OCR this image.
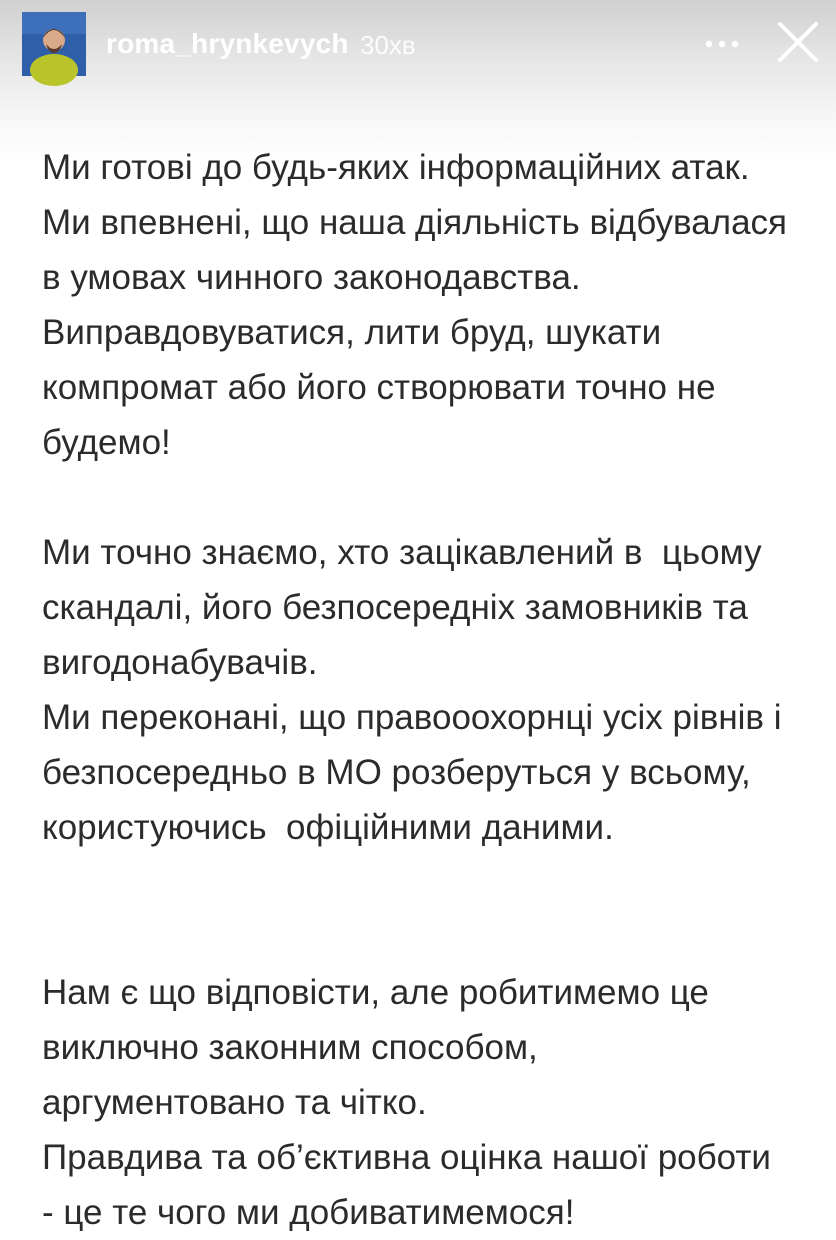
roma_hrynkevych 30хв
Ми готові до будь-яких інформаційних атак.
Ми впевнені, що наша діяльність відбувалася
в умовах чинного законодавства.
Виправдовуватися, лити бруд, шукати
компромат або його створювати точно не
будемо!
Ми точно знаємо, хто зацікавлений в  цьому
скандалі, його безпосередніх замовників та
вигодонабувачів.
Ми переконані, що правооохорнці усіх рівнів і
безпосередньо в МО розберуться у всьому,
користуючись  офіційними даними.
Нам є що відповісти, але робитимемо це
виключно законним способом,
аргументовано та чітко.
Правдива та об’єктивна оцінка нашої роботи
- це те чого ми добиватимемося!
